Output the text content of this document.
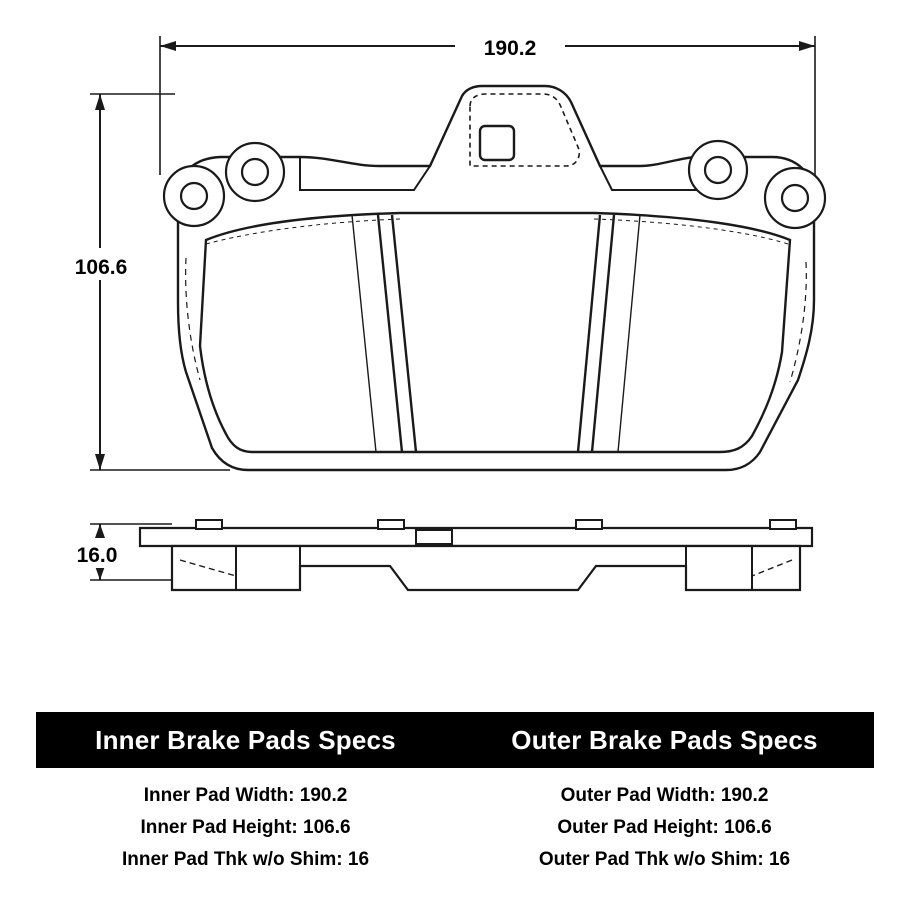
190.2
106.6
16.0
Inner Brake Pads Specs	Outer Brake Pads Specs
Inner Pad Width: 190.2
Inner Pad Height: 106.6
Inner Pad Thk w/o Shim: 16
Outer Pad Width: 190.2
Outer Pad Height: 106.6
Outer Pad Thk w/o Shim: 16
